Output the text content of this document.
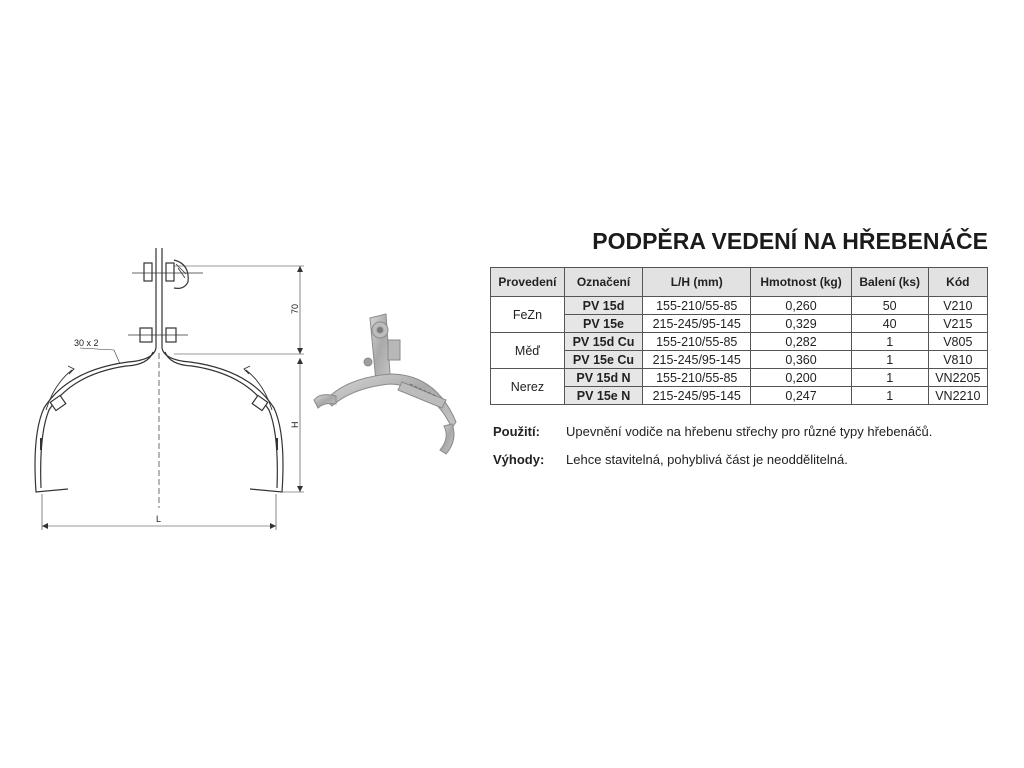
70
H
L
30 x 2
PODPĚRA VEDENÍ NA HŘEBENÁČE
Provedení	Označení	L/H (mm)	Hmotnost (kg)	Balení (ks)	Kód
FeZn	PV 15d	155-210/55-85	0,260	50	V210
	PV 15e	215-245/95-145	0,329	40	V215
Měď	PV 15d Cu	155-210/55-85	0,282	1	V805
	PV 15e Cu	215-245/95-145	0,360	1	V810
Nerez	PV 15d N	155-210/55-85	0,200	1	VN2205
	PV 15e N	215-245/95-145	0,247	1	VN2210
Použití: Upevnění vodiče na hřebenu střechy pro různé typy hřebenáčů.
Výhody: Lehce stavitelná, pohyblivá část je neoddělitelná.
